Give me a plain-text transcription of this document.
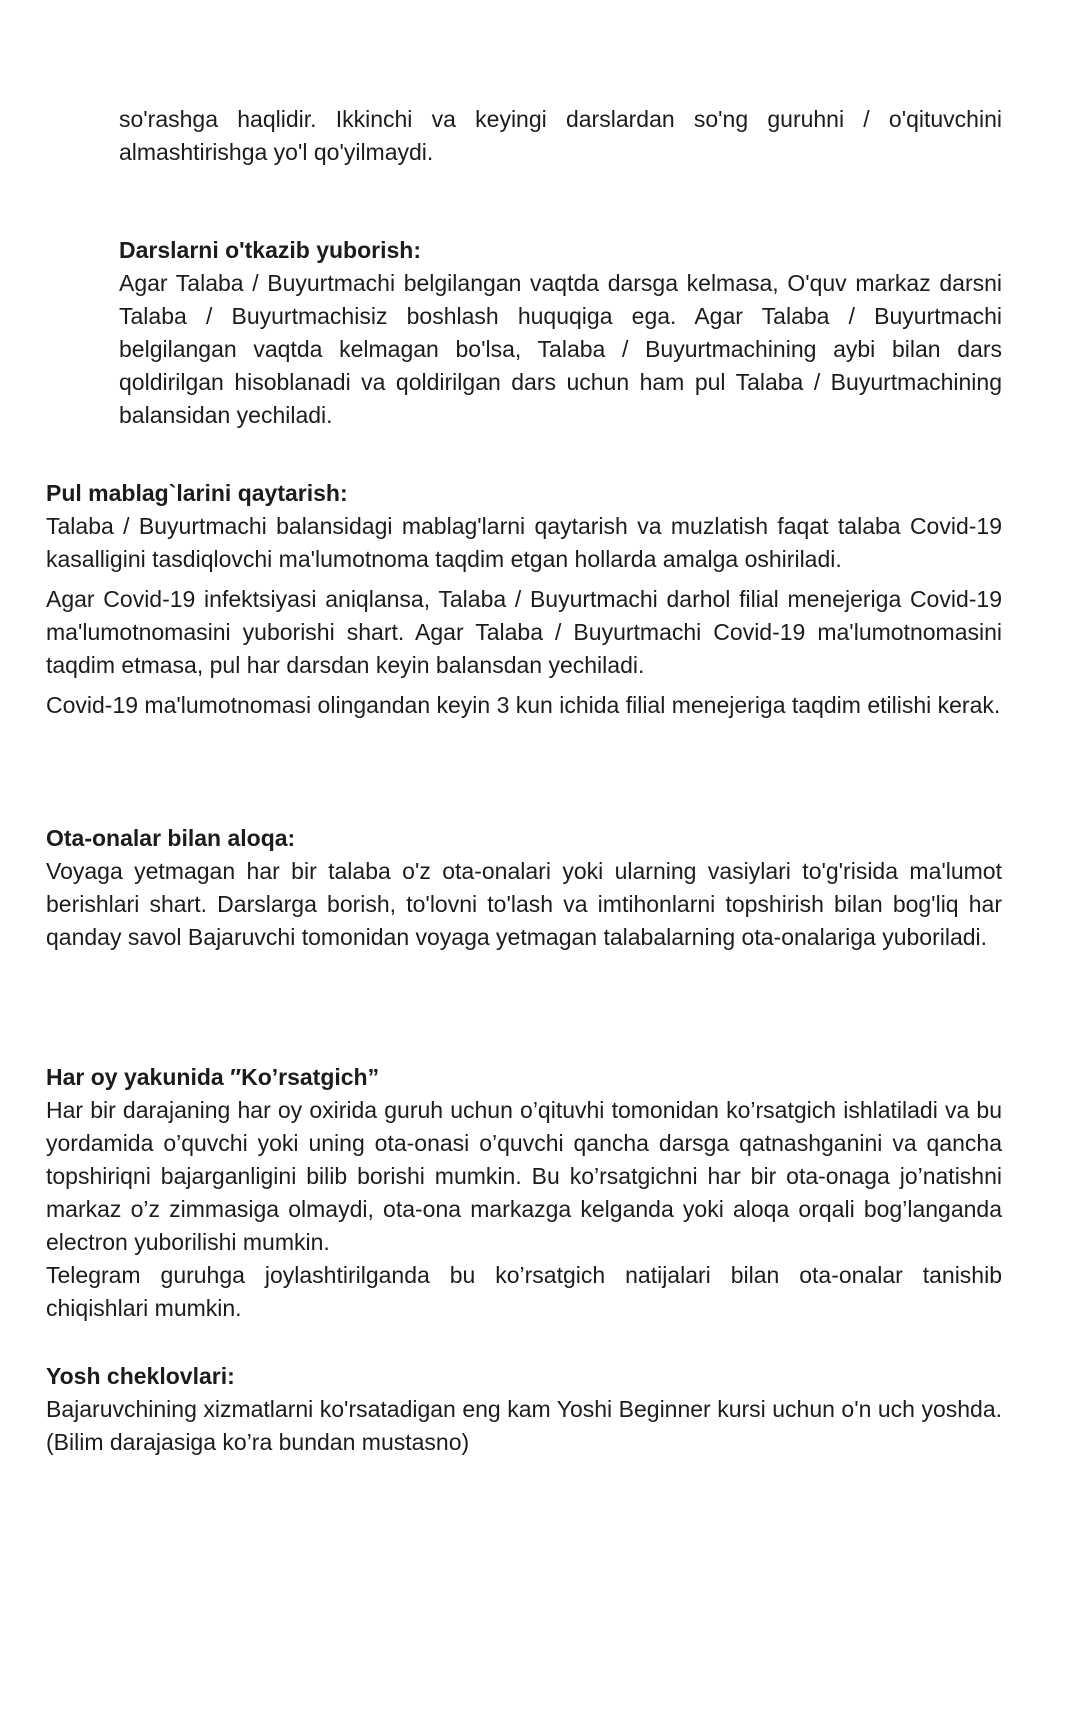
so'rashga haqlidir. Ikkinchi va keyingi darslardan so'ng guruhni / o'qituvchini almashtirishga yo'l qo'yilmaydi.

Darslarni o'tkazib yuborish:

Agar Talaba / Buyurtmachi belgilangan vaqtda darsga kelmasa, O'quv markaz darsni Talaba / Buyurtmachisiz boshlash huquqiga ega. Agar Talaba / Buyurtmachi belgilangan vaqtda kelmagan bo'lsa, Talaba / Buyurtmachining aybi bilan dars qoldirilgan hisoblanadi va qoldirilgan dars uchun ham pul Talaba / Buyurtmachining balansidan yechiladi.

Pul mablag`larini qaytarish:

Talaba / Buyurtmachi balansidagi mablag'larni qaytarish va muzlatish faqat talaba Covid-19 kasalligini tasdiqlovchi ma'lumotnoma taqdim etgan hollarda amalga oshiriladi.

Agar Covid-19 infektsiyasi aniqlansa, Talaba / Buyurtmachi darhol filial menejeriga Covid-19 ma'lumotnomasini yuborishi shart. Agar Talaba / Buyurtmachi Covid-19 ma'lumotnomasini taqdim etmasa, pul har darsdan keyin balansdan yechiladi.

Covid-19 ma'lumotnomasi olingandan keyin 3 kun ichida filial menejeriga taqdim etilishi kerak.

Ota-onalar bilan aloqa:

Voyaga yetmagan har bir talaba o'z ota-onalari yoki ularning vasiylari to'g'risida ma'lumot berishlari shart. Darslarga borish, to'lovni to'lash va imtihonlarni topshirish bilan bog'liq har qanday savol Bajaruvchi tomonidan voyaga yetmagan talabalarning ota-onalariga yuboriladi.

Har oy yakunida ″Ko’rsatgich”

Har bir darajaning har oy oxirida guruh uchun o’qituvhi tomonidan ko’rsatgich ishlatiladi va bu yordamida o’quvchi yoki uning ota-onasi o’quvchi qancha darsga qatnashganini va qancha topshiriqni bajarganligini bilib borishi mumkin. Bu ko’rsatgichni har bir ota-onaga jo’natishni markaz o’z zimmasiga olmaydi, ota-ona markazga kelganda yoki aloqa orqali bog’langanda electron yuborilishi mumkin.

Telegram guruhga joylashtirilganda bu ko’rsatgich natijalari bilan ota-onalar tanishib chiqishlari mumkin.

Yosh cheklovlari:

Bajaruvchining xizmatlarni ko'rsatadigan eng kam Yoshi Beginner kursi uchun o'n uch yoshda. (Bilim darajasiga ko’ra bundan mustasno)
